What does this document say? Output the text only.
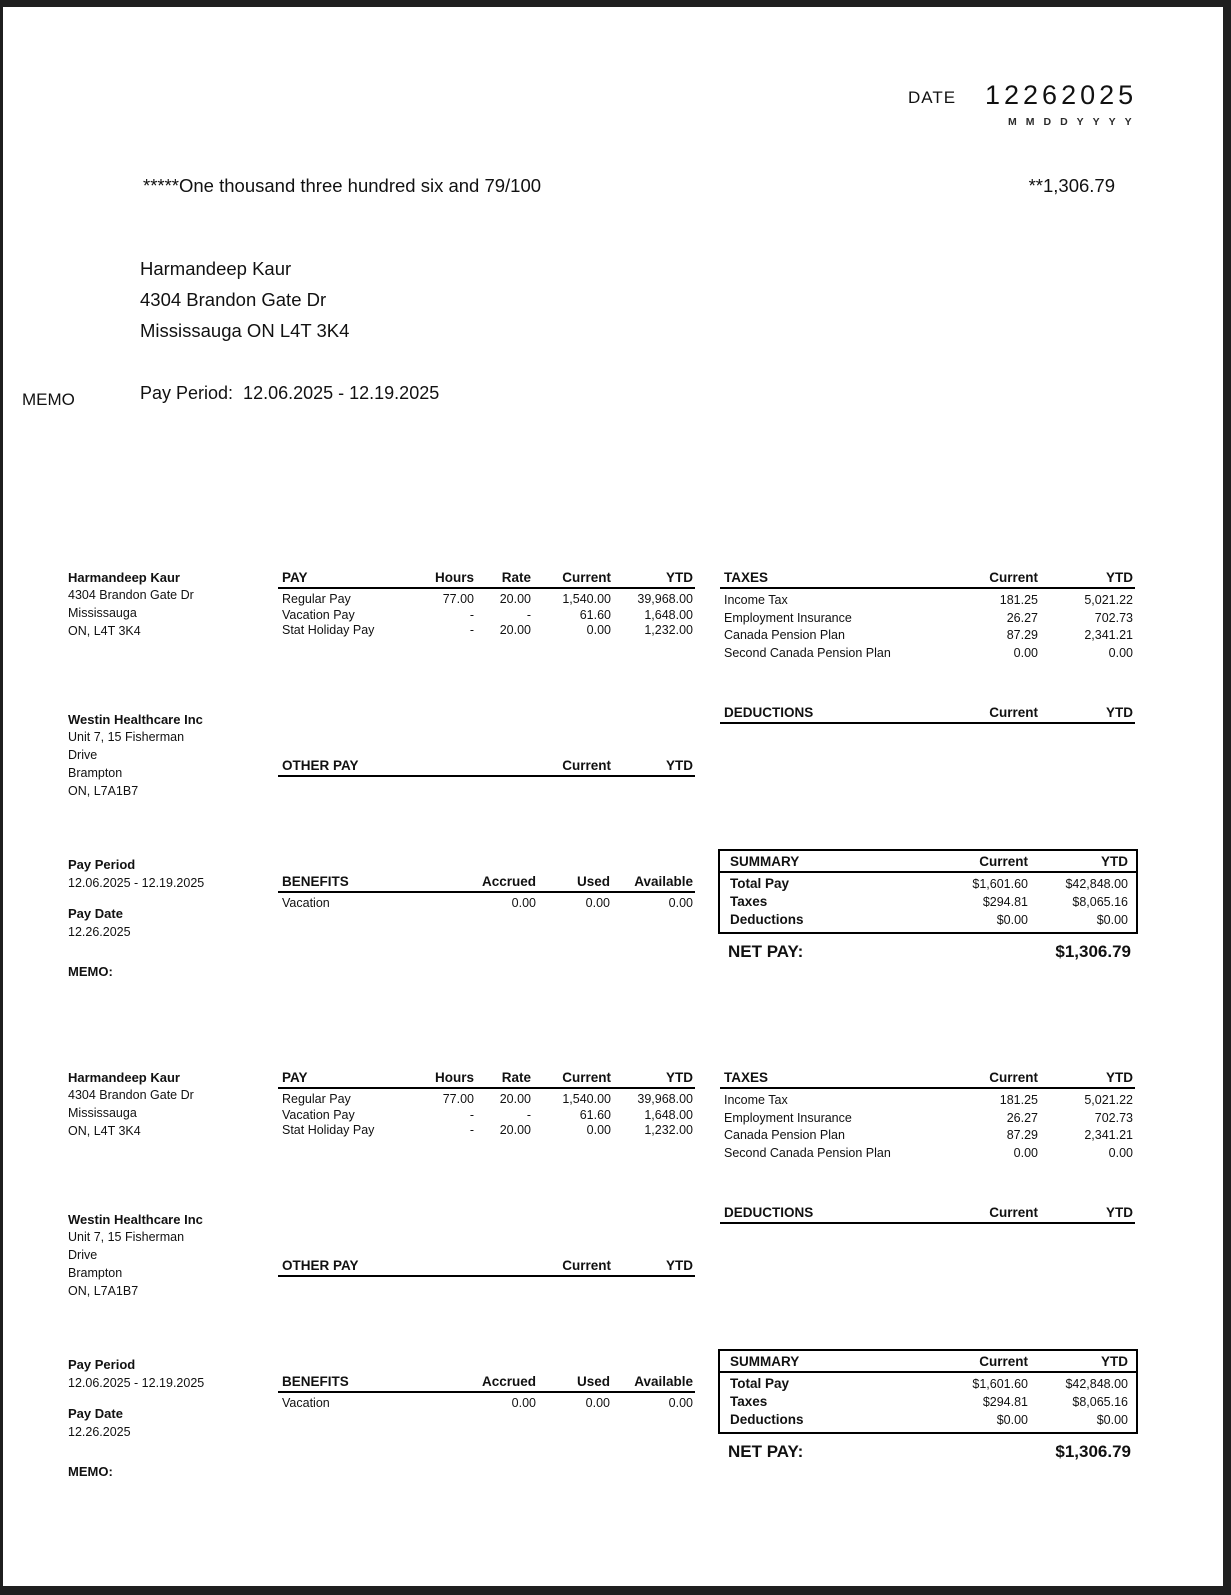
DATE 12262025
MMDDYYYY
*****One thousand three hundred six and 79/100	**1,306.79
Harmandeep Kaur
4304 Brandon Gate Dr
Mississauga ON L4T 3K4
MEMO	Pay Period:  12.06.2025 - 12.19.2025
Harmandeep Kaur
4304 Brandon Gate Dr
Mississauga
ON, L4T 3K4
Westin Healthcare Inc
Unit 7, 15 Fisherman
Drive
Brampton
ON, L7A1B7
Pay Period
12.06.2025 - 12.19.2025
Pay Date
12.26.2025
MEMO:
PAY	Hours	Rate	Current	YTD
Regular Pay	77.00	20.00	1,540.00	39,968.00
Vacation Pay	-	-	61.60	1,648.00
Stat Holiday Pay	-	20.00	0.00	1,232.00
TAXES	Current	YTD
Income Tax	181.25	5,021.22
Employment Insurance	26.27	702.73
Canada Pension Plan	87.29	2,341.21
Second Canada Pension Plan	0.00	0.00
DEDUCTIONS	Current	YTD
OTHER PAY	Current	YTD
BENEFITS	Accrued	Used	Available
Vacation	0.00	0.00	0.00
SUMMARY	Current	YTD
Total Pay	$1,601.60	$42,848.00
Taxes	$294.81	$8,065.16
Deductions	$0.00	$0.00
NET PAY:	$1,306.79
Harmandeep Kaur
4304 Brandon Gate Dr
Mississauga
ON, L4T 3K4
Westin Healthcare Inc
Unit 7, 15 Fisherman
Drive
Brampton
ON, L7A1B7
Pay Period
12.06.2025 - 12.19.2025
Pay Date
12.26.2025
MEMO:
PAY	Hours	Rate	Current	YTD
Regular Pay	77.00	20.00	1,540.00	39,968.00
Vacation Pay	-	-	61.60	1,648.00
Stat Holiday Pay	-	20.00	0.00	1,232.00
TAXES	Current	YTD
Income Tax	181.25	5,021.22
Employment Insurance	26.27	702.73
Canada Pension Plan	87.29	2,341.21
Second Canada Pension Plan	0.00	0.00
DEDUCTIONS	Current	YTD
OTHER PAY	Current	YTD
BENEFITS	Accrued	Used	Available
Vacation	0.00	0.00	0.00
SUMMARY	Current	YTD
Total Pay	$1,601.60	$42,848.00
Taxes	$294.81	$8,065.16
Deductions	$0.00	$0.00
NET PAY:	$1,306.79
